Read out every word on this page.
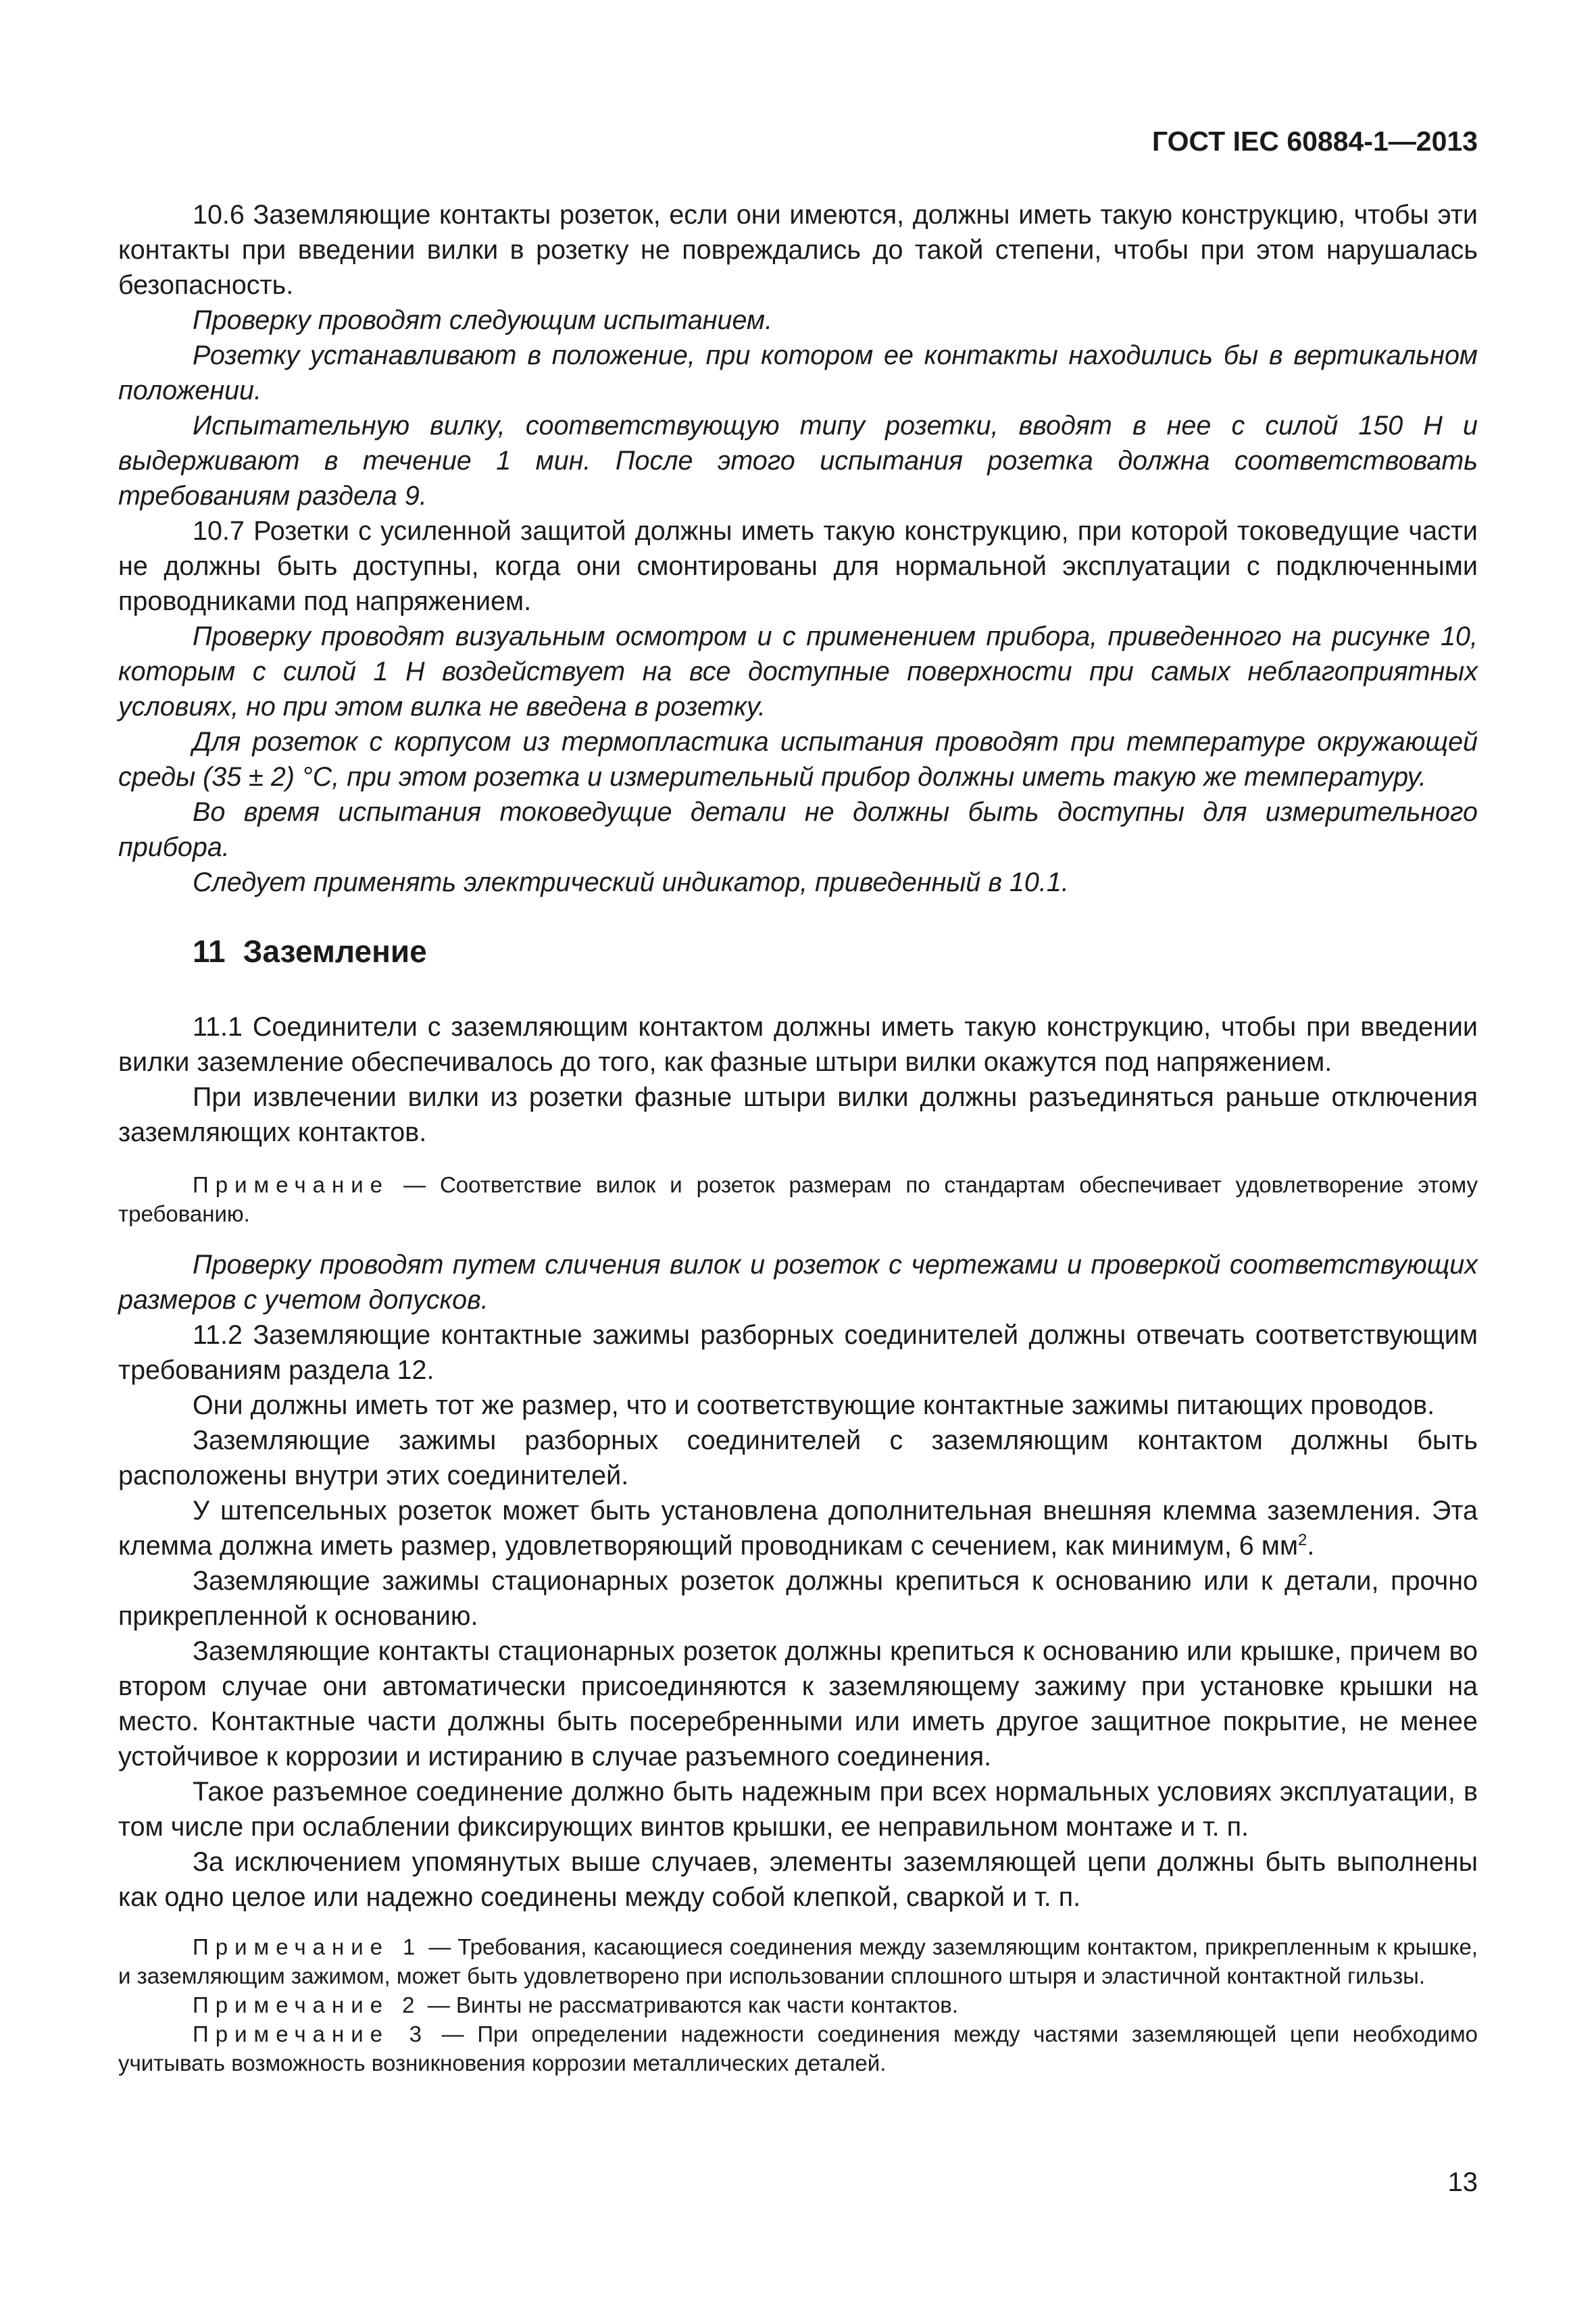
ГОСТ IEC 60884-1—2013

10.6 Заземляющие контакты розеток, если они имеются, должны иметь такую конструкцию, чтобы эти контакты при введении вилки в розетку не повреждались до такой степени, чтобы при этом нарушалась безопасность.

Проверку проводят следующим испытанием.

Розетку устанавливают в положение, при котором ее контакты находились бы в вертикальном положении.

Испытательную вилку, соответствующую типу розетки, вводят в нее с силой 150 Н и выдерживают в течение 1 мин. После этого испытания розетка должна соответствовать требованиям раздела 9.

10.7 Розетки с усиленной защитой должны иметь такую конструкцию, при которой токоведущие части не должны быть доступны, когда они смонтированы для нормальной эксплуатации с подключенными проводниками под напряжением.

Проверку проводят визуальным осмотром и с применением прибора, приведенного на рисунке 10, которым с силой 1 Н воздействует на все доступные поверхности при самых неблагоприятных условиях, но при этом вилка не введена в розетку.

Для розеток с корпусом из термопластика испытания проводят при температуре окружающей среды (35 ± 2) °С, при этом розетка и измерительный прибор должны иметь такую же температуру.

Во время испытания токоведущие детали не должны быть доступны для измерительного прибора.

Следует применять электрический индикатор, приведенный в 10.1.

11 Заземление

11.1 Соединители с заземляющим контактом должны иметь такую конструкцию, чтобы при введении вилки заземление обеспечивалось до того, как фазные штыри вилки окажутся под напряжением.

При извлечении вилки из розетки фазные штыри вилки должны разъединяться раньше отключения заземляющих контактов.

Примечание — Соответствие вилок и розеток размерам по стандартам обеспечивает удовлетворение этому требованию.

Проверку проводят путем сличения вилок и розеток с чертежами и проверкой соответствующих размеров с учетом допусков.

11.2 Заземляющие контактные зажимы разборных соединителей должны отвечать соответствующим требованиям раздела 12.

Они должны иметь тот же размер, что и соответствующие контактные зажимы питающих проводов.

Заземляющие зажимы разборных соединителей с заземляющим контактом должны быть расположены внутри этих соединителей.

У штепсельных розеток может быть установлена дополнительная внешняя клемма заземления. Эта клемма должна иметь размер, удовлетворяющий проводникам с сечением, как минимум, 6 $мм^2$.

Заземляющие зажимы стационарных розеток должны крепиться к основанию или к детали, прочно прикрепленной к основанию.

Заземляющие контакты стационарных розеток должны крепиться к основанию или крышке, причем во втором случае они автоматически присоединяются к заземляющему зажиму при установке крышки на место. Контактные части должны быть посеребренными или иметь другое защитное покрытие, не менее устойчивое к коррозии и истиранию в случае разъемного соединения.

Такое разъемное соединение должно быть надежным при всех нормальных условиях эксплуатации, в том числе при ослаблении фиксирующих винтов крышки, ее неправильном монтаже и т. п.

За исключением упомянутых выше случаев, элементы заземляющей цепи должны быть выполнены как одно целое или надежно соединены между собой клепкой, сваркой и т. п.

Примечание 1 — Требования, касающиеся соединения между заземляющим контактом, прикрепленным к крышке, и заземляющим зажимом, может быть удовлетворено при использовании сплошного штыря и эластичной контактной гильзы.
Примечание 2 — Винты не рассматриваются как части контактов.
Примечание 3 — При определении надежности соединения между частями заземляющей цепи необходимо учитывать возможность возникновения коррозии металлических деталей.
13
